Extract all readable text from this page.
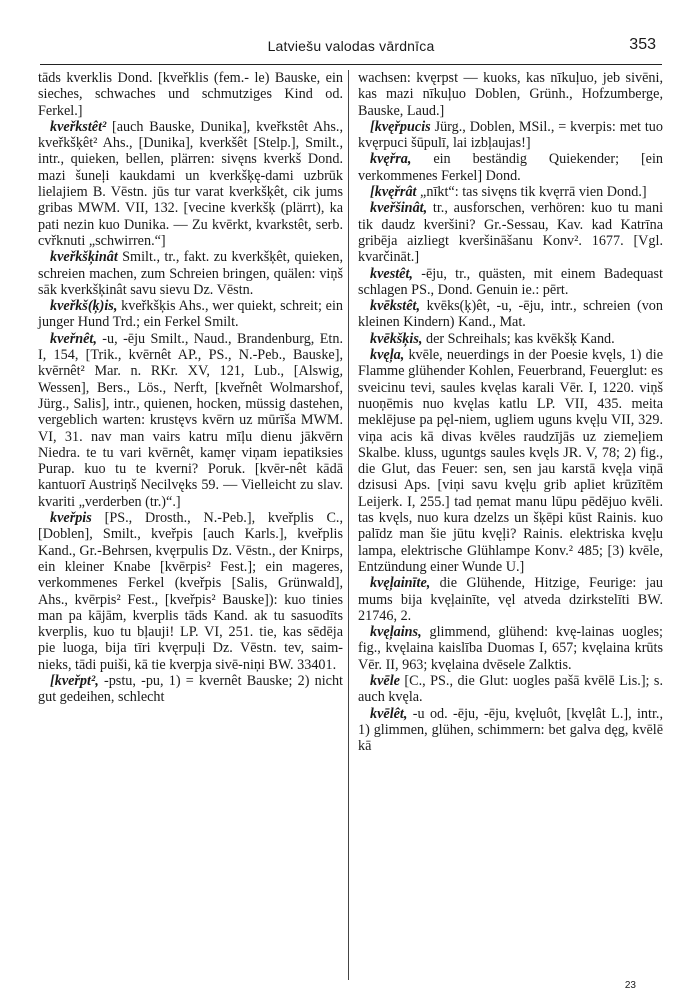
Latviešu valodas vārdnīca	353

tāds kverklis Dond. [kveřklis (fem.- le) Bauske, ein sieches, schwaches und schmutziges Kind od. Ferkel.]

kveřkstêt² [auch Bauske, Dunika], kveřkstêt Ahs., kveřkšķêt² Ahs., [Dunika], kverkšêt [Stelp.], Smilt., intr., quieken, bellen, plärren: sivęns kverkš Dond. mazi šuneļi kaukdami un kverkšķę-dami uzbrūk lielajiem B. Vēstn. jūs tur varat kverkšķêt, cik jums gribas MWM. VII, 132. [vecine kverkšķ (plärrt), ka pati nezin kuo Dunika. — Zu kvērkt, kvarkstêt, serb. cvřknuti „schwirren.“]

kveřkšķinât Smilt., tr., fakt. zu kverkšķêt, quieken, schreien machen, zum Schreien bringen, quälen: viņš sāk kverkšķinât savu sievu Dz. Vēstn.

kveřkš(ķ)is, kveřkšķis Ahs., wer quiekt, schreit; ein junger Hund Trd.; ein Ferkel Smilt.

kveřnêt, -u, -ēju Smilt., Naud., Brandenburg, Etn. I, 154, [Trik., kvērnêt AP., PS., N.-Peb., Bauske], kvērnêt² Mar. n. RKr. XV, 121, Lub., [Alswig, Wessen], Bers., Lös., Nerft, [kveřnêt Wolmarshof, Jürg., Salis], intr., quienen, hocken, müssig dastehen, vergeblich warten: krustęvs kvērn uz mūrīša MWM. VI, 31. nav man vairs katru mīļu dienu jākvērn Niedra. te tu vari kvērnêt, kamęr viņam iepatiksies Purap. kuo tu te kverni? Poruk. [kvēr-nêt kādā kantuorī Austriņš Necilvęks 59. — Vielleicht zu slav. kvariti „verderben (tr.)“.]

kveřpis [PS., Drosth., N.-Peb.], kveřplis C., [Doblen], Smilt., kveřpis [auch Karls.], kveřplis Kand., Gr.-Behrsen, kvęrpulis Dz. Vēstn., der Knirps, ein kleiner Knabe [kvērpis² Fest.]; ein mageres, verkommenes Ferkel (kveřpis [Salis, Grünwald], Ahs., kvērpis² Fest., [kveřpis² Bauske]): kuo tinies man pa kājām, kverplis tāds Kand. ak tu sasuodīts kverplis, kuo tu bļauji! LP. VI, 251. tie, kas sēdēja pie luoga, bija tīri kvęrpuļi Dz. Vēstn. tev, saim-nieks, tādi puiši, kā tie kverpja sivē-niņi BW. 33401.

[kveřpt², -pstu, -pu, 1) = kvernêt Bauske; 2) nicht gut gedeihen, schlecht

wachsen: kvęrpst — kuoks, kas nīkuļuo, jeb sivēni, kas mazi nīkuļuo Doblen, Grünh., Hofzumberge, Bauske, Laud.]

[kvęřpucis Jürg., Doblen, MSil., = kverpis: met tuo kvęrpuci šūpulī, lai izbļaujas!]

kvęřra, ein beständig Quiekender; [ein verkommenes Ferkel] Dond.

[kvęřrât „nīkt“: tas sivęns tik kvęrrā vien Dond.]

kveřšinât, tr., ausforschen, verhören: kuo tu mani tik daudz kveršini? Gr.-Sessau, Kav. kad Katrīna gribēja aizliegt kveršināšanu Konv². 1677. [Vgl. kvarčināt.]

kvestêt, -ēju, tr., quästen, mit einem Badequast schlagen PS., Dond. Genuin ie.: pērt.

kvēkstêt, kvēks(ķ)êt, -u, -ēju, intr., schreien (von kleinen Kindern) Kand., Mat.

kvēkšķis, der Schreihals; kas kvēkšķ Kand.

kvęļa, kvēle, neuerdings in der Poesie kvęls, 1) die Flamme glühender Kohlen, Feuerbrand, Feuerglut: es sveicinu tevi, saules kvęlas karali Vēr. I, 1220. viņš nuoņēmis nuo kvęlas katlu LP. VII, 435. meita meklējuse pa pęl-niem, ugliem uguns kvęļu VII, 329. viņa acis kā divas kvēles raudzījās uz ziemeļiem Skalbe. kluss, uguntgs saules kvęls JR. V, 78; 2) fig., die Glut, das Feuer: sen, sen jau karstā kvęļa viņā dzisusi Aps. [viņi savu kvęļu grib apliet krūzītēm Leijerk. I, 255.] tad ņemat manu lūpu pēdējuo kvēli. tas kvęls, nuo kura dzelzs un šķēpi kūst Rainis. kuo palīdz man šie jūtu kvęļi? Rainis. elektriska kvęļu lampa, elektrische Glühlampe Konv.² 485; [3) kvēle, Entzündung einer Wunde U.]

kvęļainīte, die Glühende, Hitzige, Feurige: jau mums bija kvęļainīte, vęl atveda dzirkstelīti BW. 21746, 2.

kvęļains, glimmend, glühend: kvę-lainas uogles; fig., kvęlaina kaislība Duomas I, 657; kvęlaina krūts Vēr. II, 963; kvęlaina dvēsele Zalktis.

kvēle [C., PS., die Glut: uogles pašā kvēlē Lis.]; s. auch kvęla.

kvēlêt, -u od. -ēju, -ēju, kvęluôt, [kvęlât L.], intr., 1) glimmen, glühen, schimmern: bet galva dęg, kvēlē kā

23
